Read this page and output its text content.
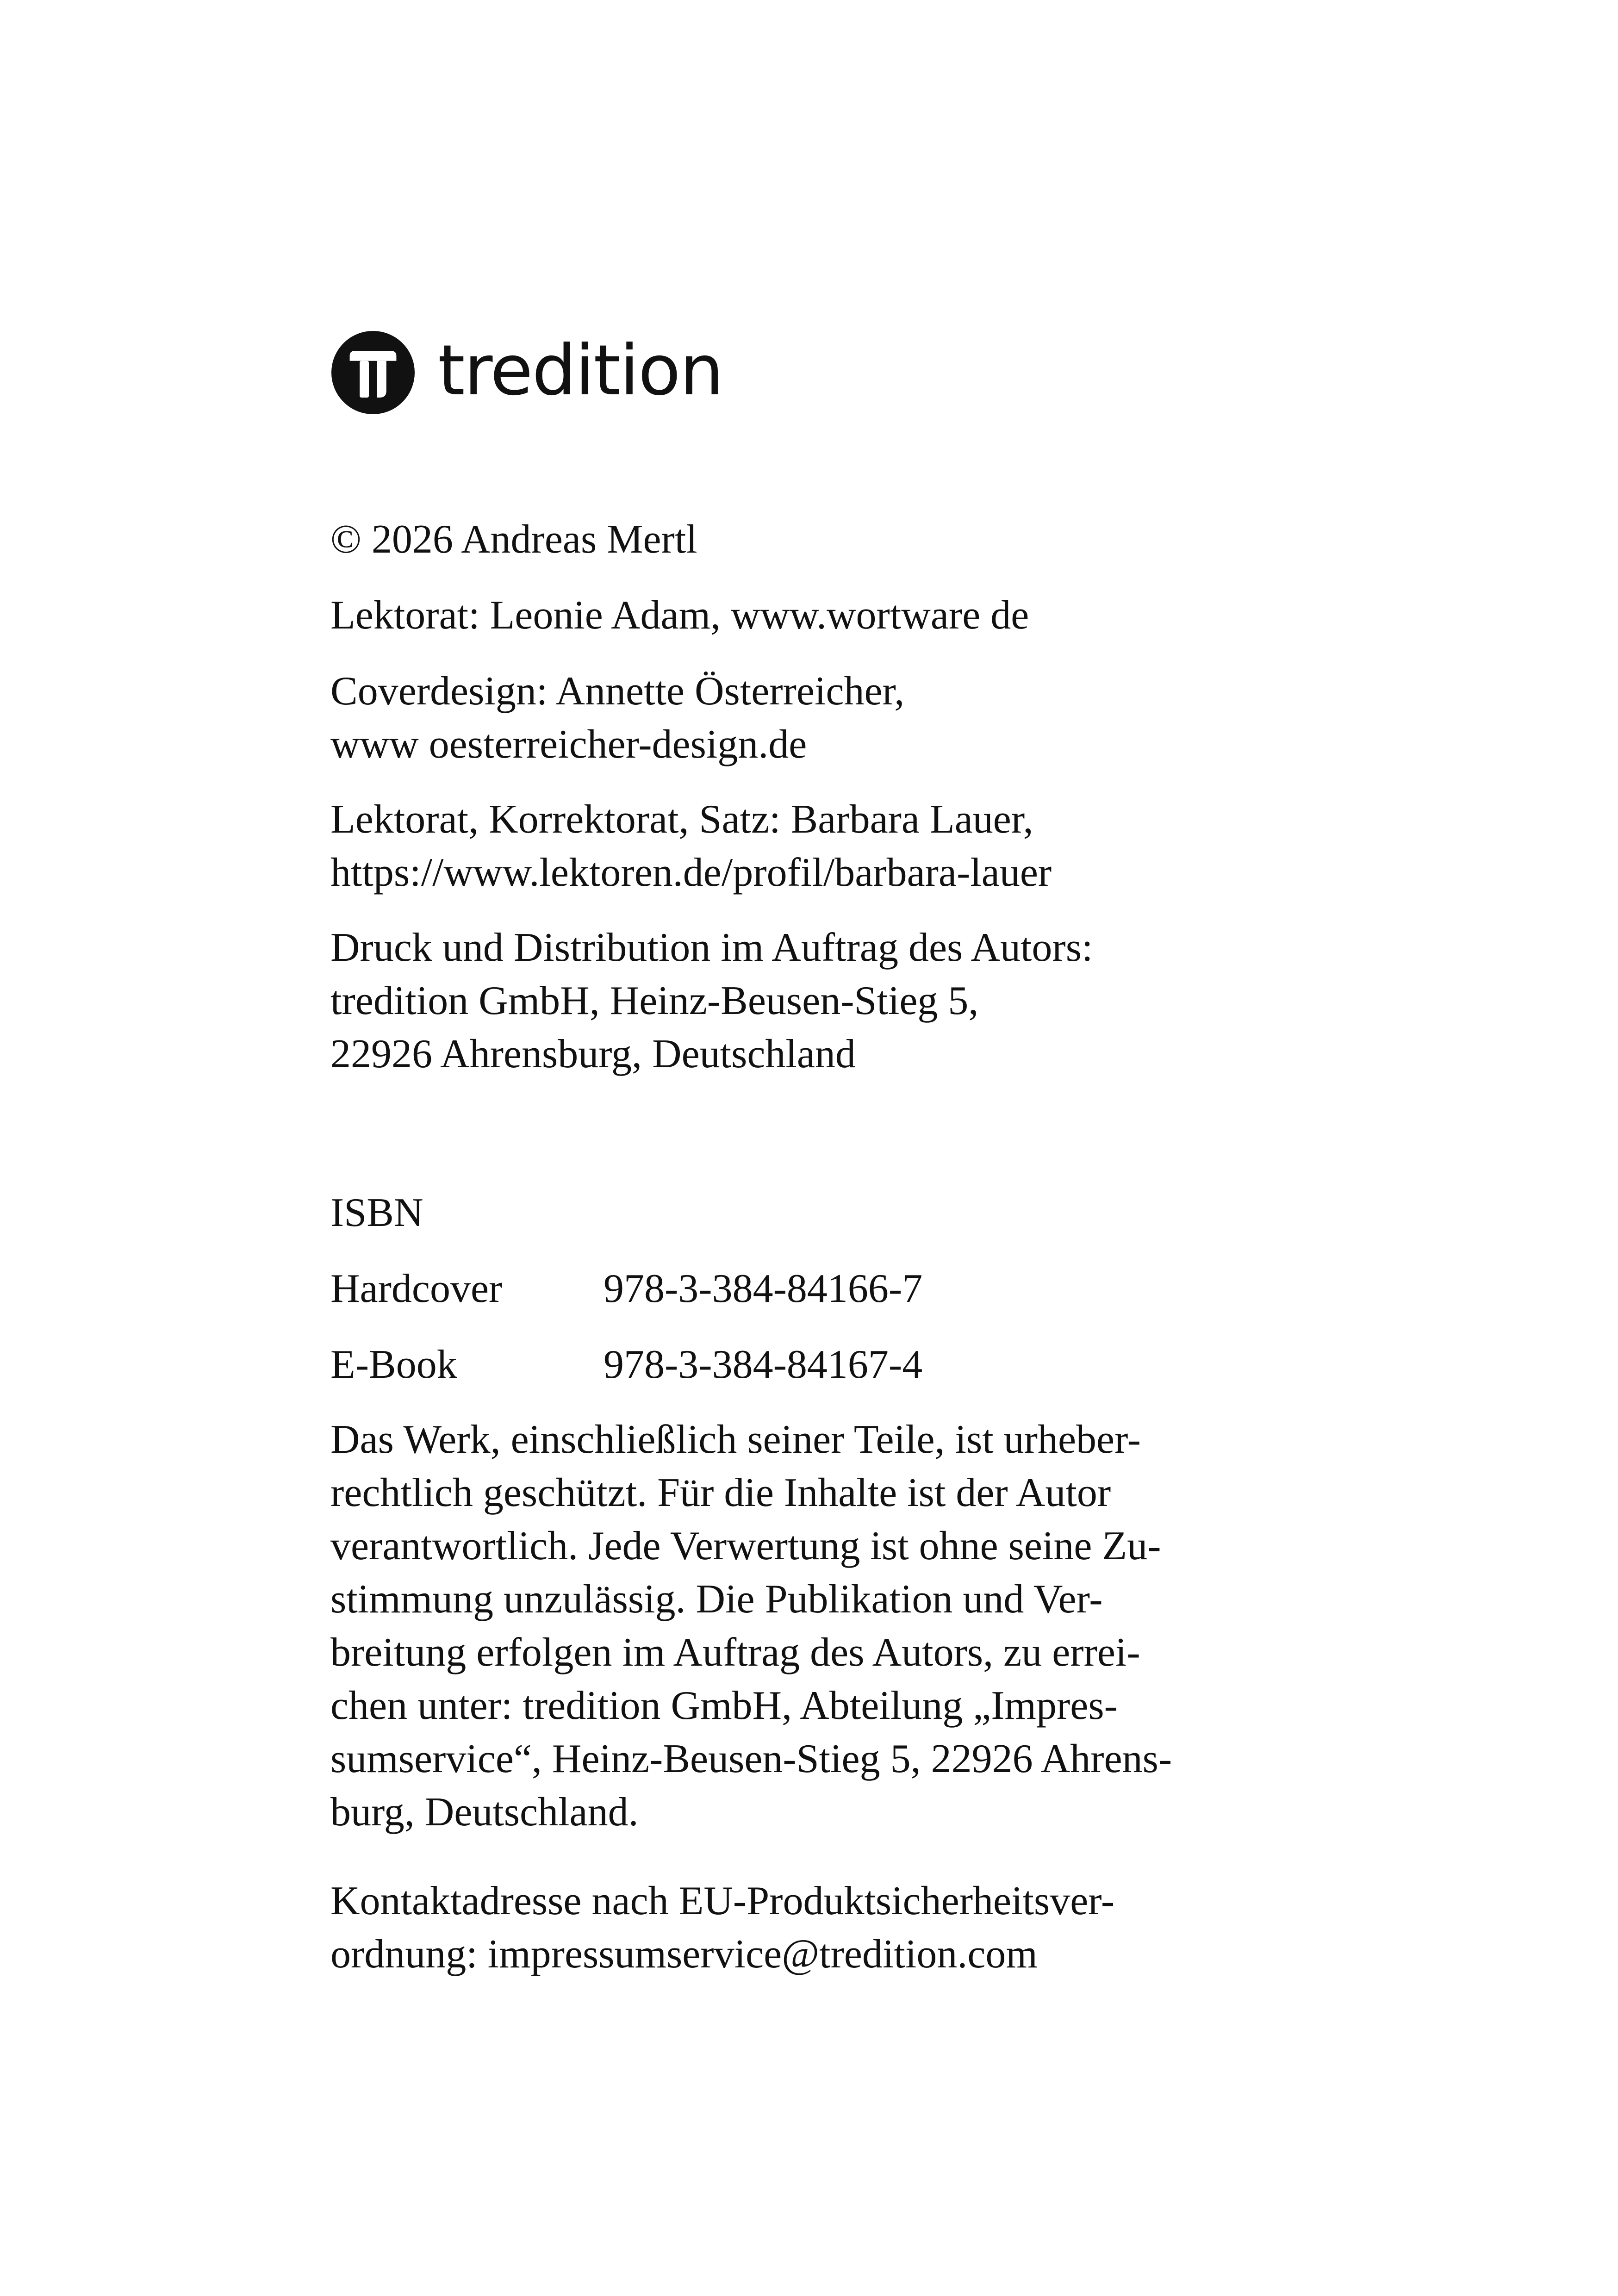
tredition
© 2026 Andreas Mertl
Lektorat: Leonie Adam, www.wortware de
Coverdesign: Annette Österreicher,
www oesterreicher-design.de
Lektorat, Korrektorat, Satz: Barbara Lauer,
https://www.lektoren.de/profil/barbara-lauer
Druck und Distribution im Auftrag des Autors:
tredition GmbH, Heinz-Beusen-Stieg 5,
22926 Ahrensburg, Deutschland
ISBN
Hardcover 978-3-384-84166-7
E-Book	978-3-384-84167-4
Das Werk, einschließlich seiner Teile, ist urheber-
rechtlich geschützt. Für die Inhalte ist der Autor
verantwortlich. Jede Verwertung ist ohne seine Zu-
stimmung unzulässig. Die Publikation und Ver-
breitung erfolgen im Auftrag des Autors, zu errei-
chen unter: tredition GmbH, Abteilung „Impres-
sumservice“, Heinz-Beusen-Stieg 5, 22926 Ahrens-
burg, Deutschland.
Kontaktadresse nach EU-Produktsicherheitsver-
ordnung: impressumservice@tredition.com
